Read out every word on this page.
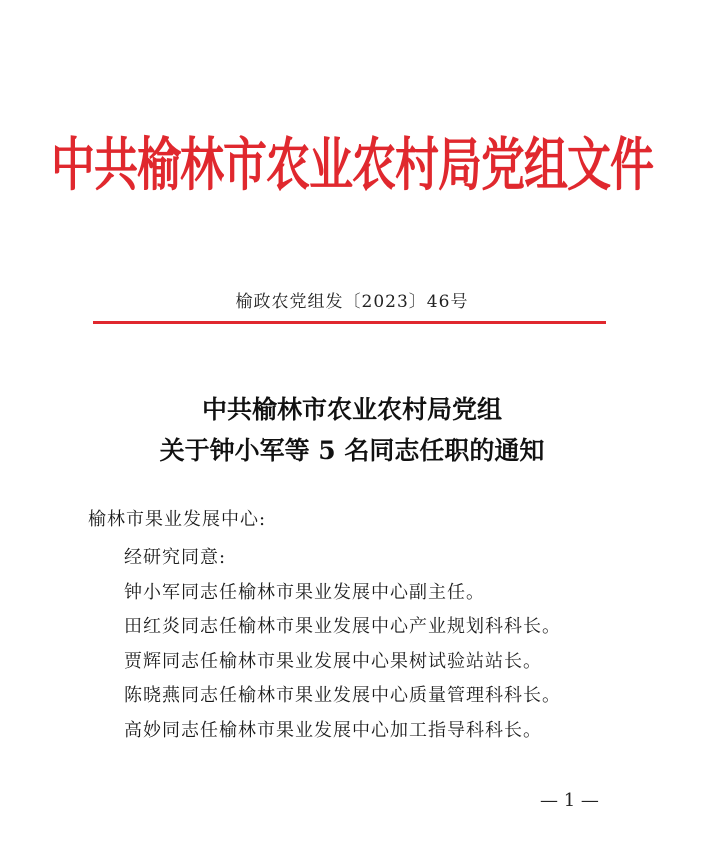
中共榆林市农业农村局党组文件
榆政农党组发〔2023〕46号
中共榆林市农业农村局党组
关于钟小军等 5 名同志任职的通知
榆林市果业发展中心:
经研究同意:
钟小军同志任榆林市果业发展中心副主任。
田红炎同志任榆林市果业发展中心产业规划科科长。
贾辉同志任榆林市果业发展中心果树试验站站长。
陈晓燕同志任榆林市果业发展中心质量管理科科长。
高妙同志任榆林市果业发展中心加工指导科科长。
— 1 —
